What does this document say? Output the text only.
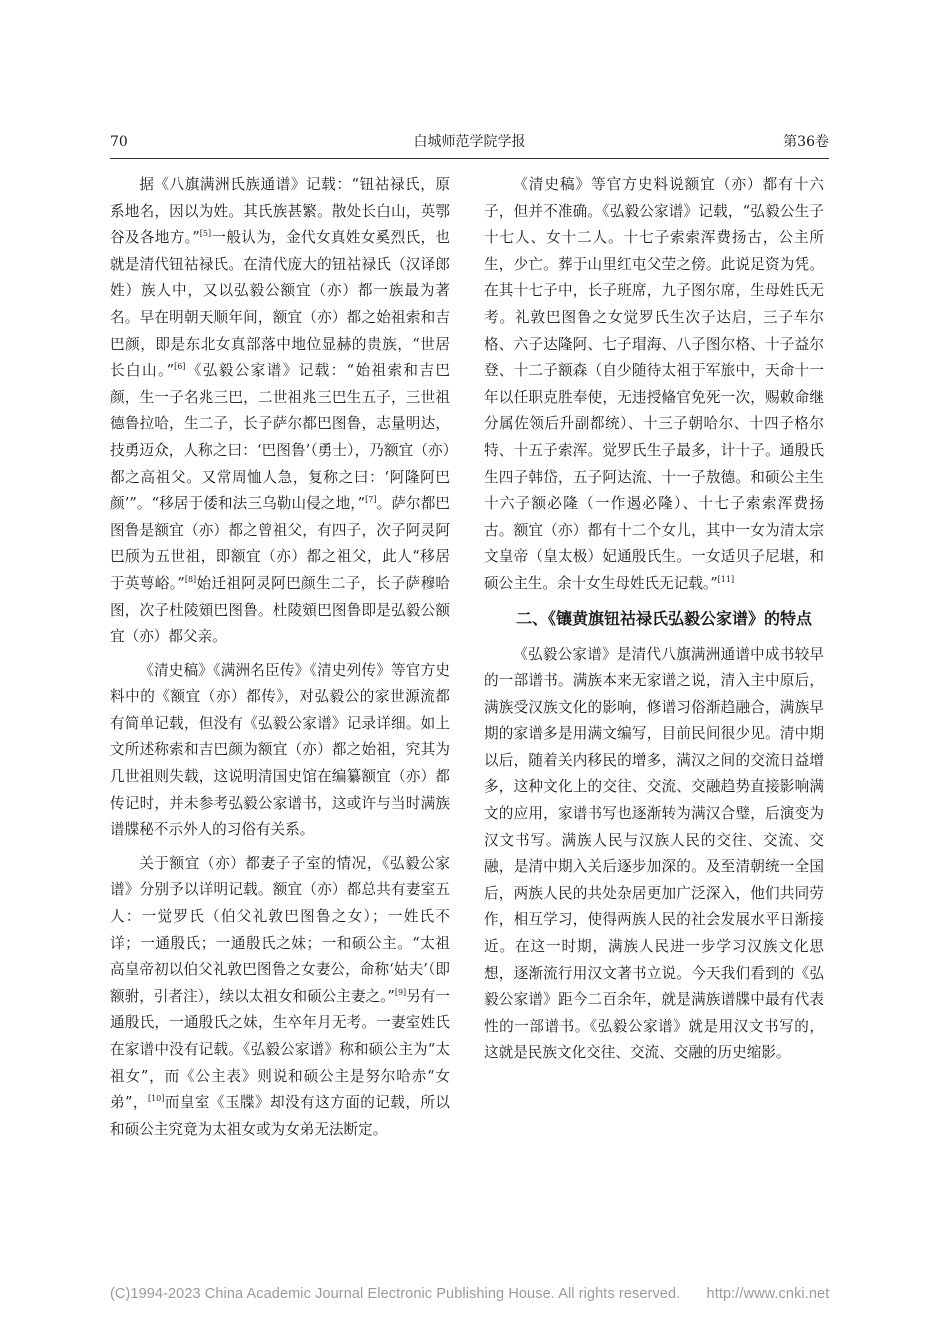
70	白城师范学院学报	第36卷

据《八旗满洲氏族通谱》记载：“钮祜禄氏，原系地名，因以为姓。其氏族甚繁。散处长白山，英鄂谷及各地方。”[5]一般认为，金代女真姓女奚烈氏，也就是清代钮祜禄氏。在清代庞大的钮祜禄氏（汉译郎姓）族人中，又以弘毅公额宜（亦）都一族最为著名。早在明朝天顺年间，额宜（亦）都之始祖索和吉巴颜，即是东北女真部落中地位显赫的贵族，“世居长白山。”[6]《弘毅公家谱》记载：“始祖索和吉巴颜，生一子名兆三巴，二世祖兆三巴生五子，三世祖德鲁拉哈，生二子，长子萨尔都巴图鲁，志量明达，技勇迈众，人称之曰：‘巴图鲁’（勇士），乃额宜（亦）都之高祖父。又常周恤人急，复称之曰：‘阿隆阿巴颜’”。“移居于倭和法三乌勒山侵之地，”[7]。萨尔都巴图鲁是额宜（亦）都之曾祖父，有四子，次子阿灵阿巴颀为五世祖，即额宜（亦）都之祖父，此人“移居于英萼峪。”[8]始迁祖阿灵阿巴颜生二子，长子萨穆哈图，次子杜陵頞巴图鲁。杜陵頞巴图鲁即是弘毅公额宜（亦）都父亲。

《清史稿》《满洲名臣传》《清史列传》等官方史料中的《额宜（亦）都传》，对弘毅公的家世源流都有简单记载，但没有《弘毅公家谱》记录详细。如上文所述称索和吉巴颜为额宜（亦）都之始祖，究其为几世祖则失载，这说明清国史馆在编纂额宜（亦）都传记时，并未参考弘毅公家谱书，这或许与当时满族谱牒秘不示外人的习俗有关系。

关于额宜（亦）都妻子子室的情况，《弘毅公家谱》分别予以详明记载。额宜（亦）都总共有妻室五人：一觉罗氏（伯父礼敦巴图鲁之女）；一姓氏不详；一通殷氏；一通殷氏之妹；一和硕公主。“太祖高皇帝初以伯父礼敦巴图鲁之女妻公，命称‘姑夫’（即额驸，引者注），续以太祖女和硕公主妻之。”[9]另有一通殷氏，一通殷氏之妹，生卒年月无考。一妻室姓氏在家谱中没有记载。《弘毅公家谱》称和硕公主为“太祖女”，而《公主表》则说和硕公主是努尔哈赤“女弟”，[10]而皇室《玉牒》却没有这方面的记载，所以和硕公主究竟为太祖女或为女弟无法断定。

《清史稿》等官方史料说额宜（亦）都有十六子，但并不准确。《弘毅公家谱》记载，“弘毅公生子十七人、女十二人。十七子索索浑费扬古，公主所生，少亡。葬于山里红屯父茔之傍。此说足资为凭。在其十七子中，长子班席，九子图尔席，生母姓氏无考。礼敦巴图鲁之女觉罗氏生次子达启，三子车尔格、六子达隆阿、七子瑁海、八子图尔格、十子益尔登、十二子额森（自少随待太祖于军旅中，天命十一年以任职克胜奉使，无违授偹官免死一次，赐敕命继分属佐领后升副都统）、十三子朝哈尔、十四子格尔特、十五子索浑。觉罗氏生子最多，计十子。通殷氏生四子韩岱，五子阿达流、十一子敖德。和硕公主生十六子额必隆（一作遏必隆）、十七子索索浑费扬古。额宜（亦）都有十二个女儿，其中一女为清太宗文皇帝（皇太极）妃通殷氏生。一女适贝子尼堪，和硕公主生。余十女生母姓氏无记载。”[11]

二、《镶黄旗钮祜禄氏弘毅公家谱》的特点

《弘毅公家谱》是清代八旗满洲通谱中成书较早的一部谱书。满族本来无家谱之说，清入主中原后，满族受汉族文化的影响，修谱习俗渐趋融合，满族早期的家谱多是用满文编写，目前民间很少见。清中期以后，随着关内移民的增多，满汉之间的交流日益增多，这种文化上的交往、交流、交融趋势直接影响满文的应用，家谱书写也逐渐转为满汉合璧，后演变为汉文书写。满族人民与汉族人民的交往、交流、交融，是清中期入关后逐步加深的。及至清朝统一全国后，两族人民的共处杂居更加广泛深入，他们共同劳作，相互学习，使得两族人民的社会发展水平日渐接近。在这一时期，满族人民进一步学习汉族文化思想，逐渐流行用汉文著书立说。今天我们看到的《弘毅公家谱》距今二百余年，就是满族谱牒中最有代表性的一部谱书。《弘毅公家谱》就是用汉文书写的，这就是民族文化交往、交流、交融的历史缩影。

(C)1994-2023 China Academic Journal Electronic Publishing House. All rights reserved. http://www.cnki.net
